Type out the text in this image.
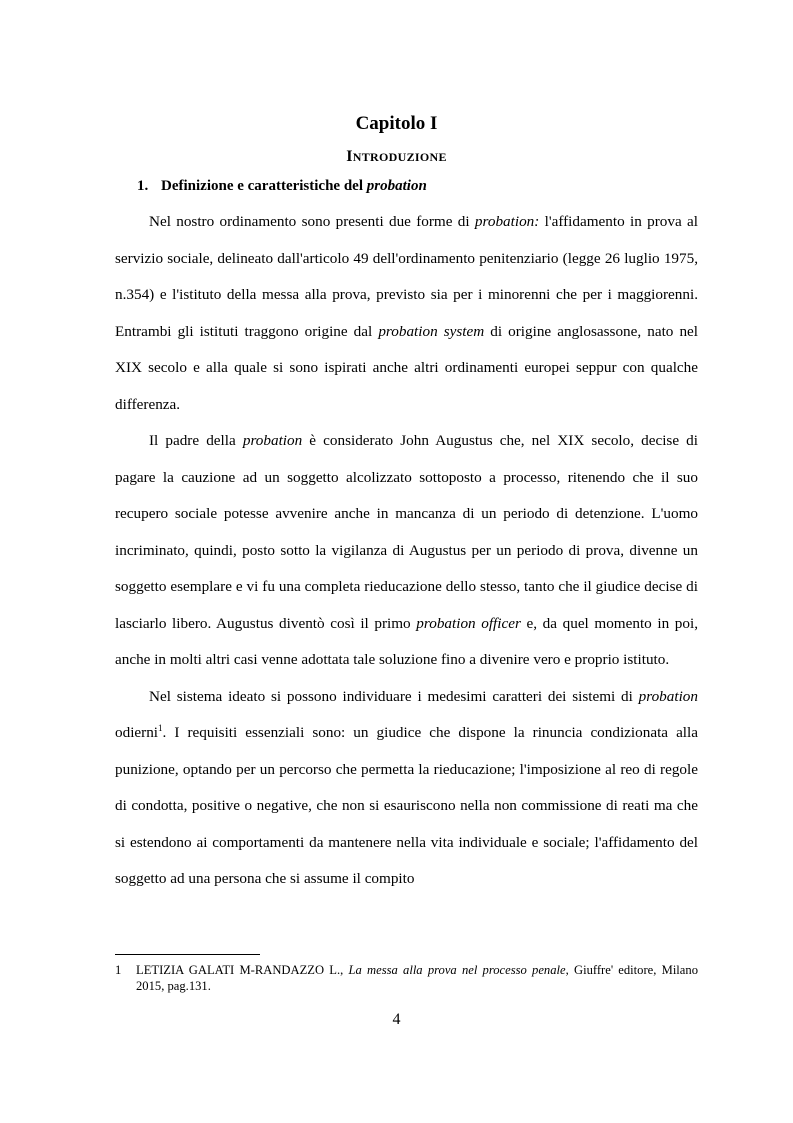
Capitolo I
INTRODUZIONE
1. Definizione e caratteristiche del probation

Nel nostro ordinamento sono presenti due forme di probation: l'affidamento in prova al servizio sociale, delineato dall'articolo 49 dell'ordinamento penitenziario (legge 26 luglio 1975, n.354) e l'istituto della messa alla prova, previsto sia per i minorenni che per i maggiorenni. Entrambi gli istituti traggono origine dal probation system di origine anglosassone, nato nel XIX secolo e alla quale si sono ispirati anche altri ordinamenti europei seppur con qualche differenza.

Il padre della probation è considerato John Augustus che, nel XIX secolo, decise di pagare la cauzione ad un soggetto alcolizzato sottoposto a processo, ritenendo che il suo recupero sociale potesse avvenire anche in mancanza di un periodo di detenzione. L'uomo incriminato, quindi, posto sotto la vigilanza di Augustus per un periodo di prova, divenne un soggetto esemplare e vi fu una completa rieducazione dello stesso, tanto che il giudice decise di lasciarlo libero. Augustus diventò così il primo probation officer e, da quel momento in poi, anche in molti altri casi venne adottata tale soluzione fino a divenire vero e proprio istituto.

Nel sistema ideato si possono individuare i medesimi caratteri dei sistemi di probation odierni$^1$. I requisiti essenziali sono: un giudice che dispone la rinuncia condizionata alla punizione, optando per un percorso che permetta la rieducazione; l'imposizione al reo di regole di condotta, positive o negative, che non si esauriscono nella non commissione di reati ma che si estendono ai comportamenti da mantenere nella vita individuale e sociale; l'affidamento del soggetto ad una persona che si assume il compito

1 LETIZIA GALATI M-RANDAZZO L., La messa alla prova nel processo penale, Giuffre' editore, Milano 2015, pag.131.

4
